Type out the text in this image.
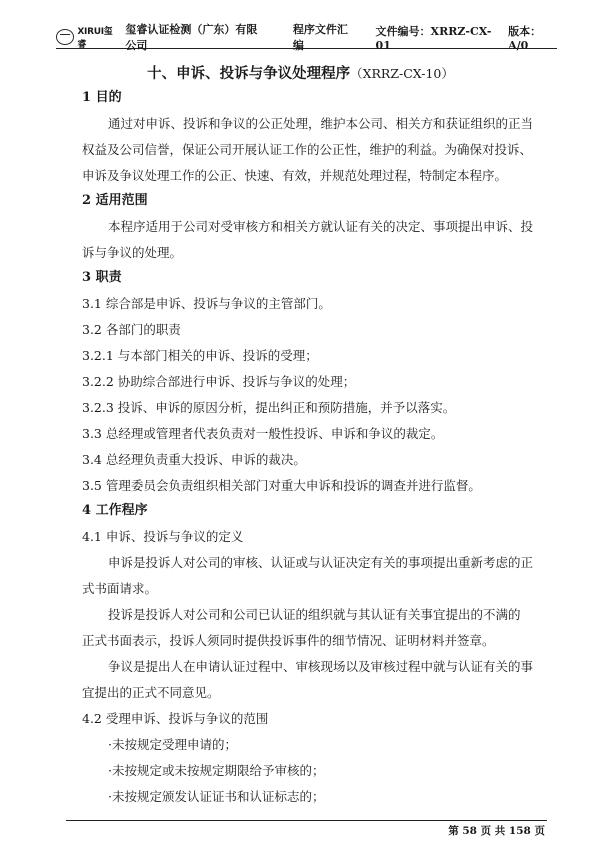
XIRUI玺睿
玺睿认证检测（广东）有限公司
程序文件汇编
文件编号：XRRZ-CX-01
版本：A/0
十、申诉、投诉与争议处理程序（XRRZ-CX-10）
1 目的
通过对申诉、投诉和争议的公正处理，维护本公司、相关方和获证组织的正当
权益及公司信誉，保证公司开展认证工作的公正性，维护的利益。为确保对投诉、
申诉及争议处理工作的公正、快速、有效，并规范处理过程，特制定本程序。
2 适用范围
本程序适用于公司对受审核方和相关方就认证有关的决定、事项提出申诉、投
诉与争议的处理。
3 职责
3.1 综合部是申诉、投诉与争议的主管部门。
3.2 各部门的职责
3.2.1 与本部门相关的申诉、投诉的受理；
3.2.2 协助综合部进行申诉、投诉与争议的处理；
3.2.3 投诉、申诉的原因分析，提出纠正和预防措施，并予以落实。
3.3 总经理或管理者代表负责对一般性投诉、申诉和争议的裁定。
3.4 总经理负责重大投诉、申诉的裁决。
3.5 管理委员会负责组织相关部门对重大申诉和投诉的调查并进行监督。
4 工作程序
4.1 申诉、投诉与争议的定义
申诉是投诉人对公司的审核、认证或与认证决定有关的事项提出重新考虑的正
式书面请求。
投诉是投诉人对公司和公司已认证的组织就与其认证有关事宜提出的不满的
正式书面表示，投诉人须同时提供投诉事件的细节情况、证明材料并签章。
争议是提出人在申请认证过程中、审核现场以及审核过程中就与认证有关的事
宜提出的正式不同意见。
4.2 受理申诉、投诉与争议的范围
·未按规定受理申请的；
·未按规定或未按规定期限给予审核的；
·未按规定颁发认证证书和认证标志的；
第 58 页 共 158 页
